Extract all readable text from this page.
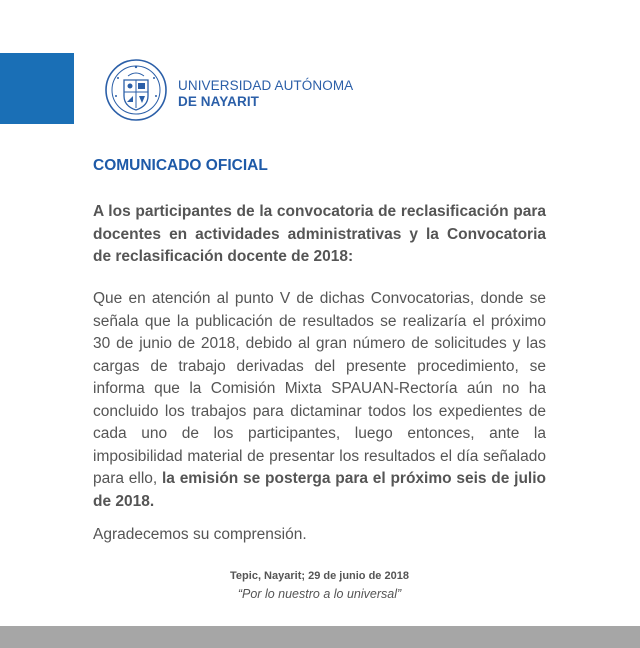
UNIVERSIDAD AUTÓNOMA
DE NAYARIT
COMUNICADO OFICIAL
A los participantes de la convocatoria de reclasificación para docentes en actividades administrativas y la Convocatoria de reclasificación docente de 2018:
Que en atención al punto V de dichas Convocatorias, donde se señala que la publicación de resultados se realizaría el próximo 30 de junio de 2018, debido al gran número de solicitudes y las cargas de trabajo derivadas del presente procedimiento, se informa que la Comisión Mixta SPAUAN-Rectoría aún no ha concluido los trabajos para dictaminar todos los expedientes de cada uno de los participantes, luego entonces, ante la imposibilidad material de presentar los resultados el día señalado para ello, la emisión se posterga para el próximo seis de julio de 2018.
Agradecemos su comprensión.
Tepic, Nayarit; 29 de junio de 2018
“Por lo nuestro a lo universal”
